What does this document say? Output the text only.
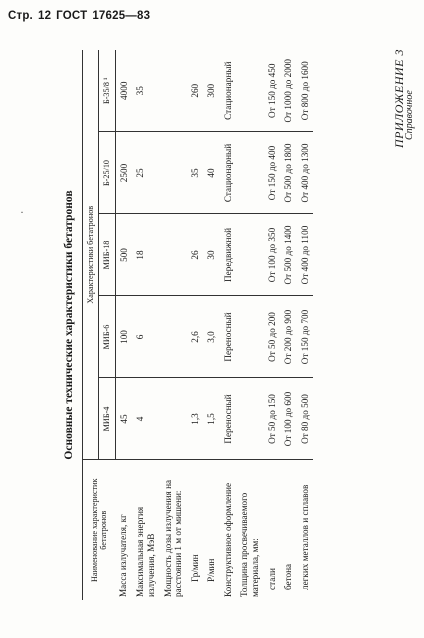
Стр. 12 ГОСТ 17625—83
ПРИЛОЖЕНИЕ 3
Справочное
·	Основные технические характеристики бетатронов
Наименование характеристик бетатронов	Характеристики бетатронов				
	МИБ-4	МИБ-6	МИБ-18	Б-25/10	Б-35/8 ¹
Масса излучателя, кг	45	100	500	2500	4000
Максимальная энергия излучения, МэВ	4	6	18	25	35
Мощность дозы излучения на расстоянии 1 м от мишени:					
Гр/мин	1,3	2,6	26	35	260
Р/мин	1,5	3,0	30	40	300
Конструктивное оформление	Переносный	Переносный	Передвижной	Стационарный	Стационарный
Толщина просвечиваемого материала, мм:					
стали	От 50 до 150	От 50 до 200	От 100 до 350	От 150 до 400	От 150 до 450
бетона	От 100 до 600	От 200 до 900	От 500 до 1400	От 500 до 1800	От 1000 до 2000
легких металлов и сплавов	От 80 до 500	От 150 до 700	От 400 до 1100	От 400 до 1300	От 800 до 1600
